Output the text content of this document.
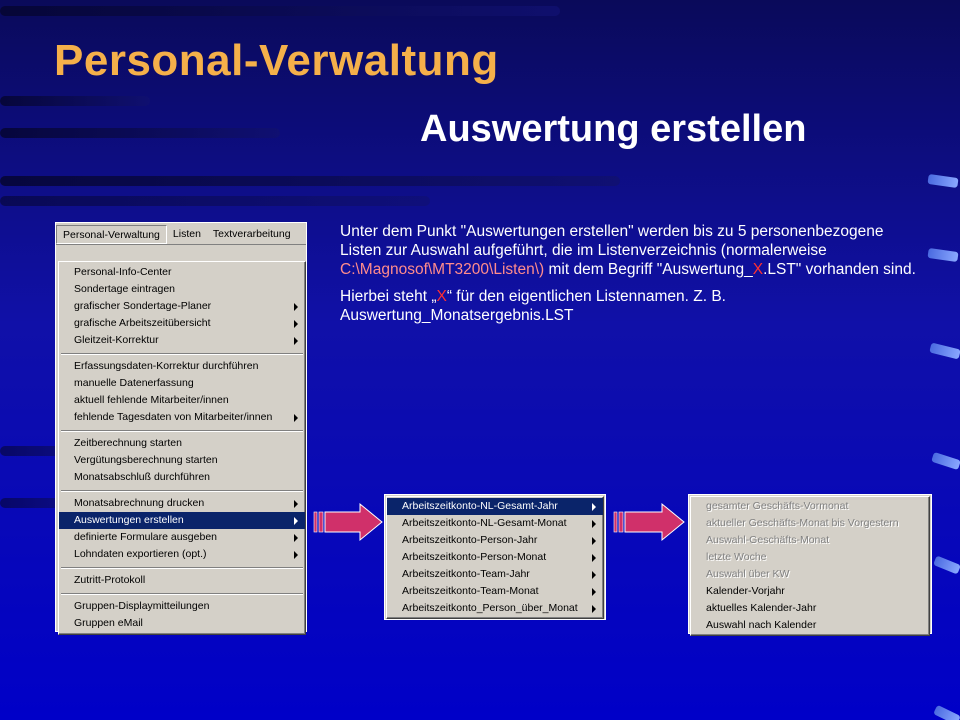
Personal-Verwaltung
Auswertung erstellen

Unter dem Punkt "Auswertungen erstellen" werden bis zu 5 personenbezogene Listen zur Auswahl aufgeführt, die im Listenverzeichnis (normalerweise C:\Magnosof\MT3200\Listen\) mit dem Begriff "Auswertung_X.LST" vorhanden sind.

Hierbei steht „X“ für den eigentlichen Listennamen. Z. B. Auswertung_Monatsergebnis.LST

Personal-Verwaltung	Listen	Textverarbeitung
Personal-Info-Center
Sondertage eintragen
grafischer Sondertage-Planer
grafische Arbeitszeitübersicht
Gleitzeit-Korrektur
Erfassungsdaten-Korrektur durchführen
manuelle Datenerfassung
aktuell fehlende Mitarbeiter/innen
fehlende Tagesdaten von Mitarbeiter/innen
Zeitberechnung starten
Vergütungsberechnung starten
Monatsabschluß durchführen
Monatsabrechnung drucken
Auswertungen erstellen
definierte Formulare ausgeben
Lohndaten exportieren (opt.)
Zutritt-Protokoll
Gruppen-Displaymitteilungen
Gruppen eMail
Arbeitszeitkonto-NL-Gesamt-Jahr
Arbeitszeitkonto-NL-Gesamt-Monat
Arbeitszeitkonto-Person-Jahr
Arbeitszeitkonto-Person-Monat
Arbeitszeitkonto-Team-Jahr
Arbeitszeitkonto-Team-Monat
Arbeitszeitkonto_Person_über_Monat
gesamter Geschäfts-Vormonat
aktueller Geschäfts-Monat bis Vorgestern
Auswahl-Geschäfts-Monat
letzte Woche
Auswahl über KW
Kalender-Vorjahr
aktuelles Kalender-Jahr
Auswahl nach Kalender
